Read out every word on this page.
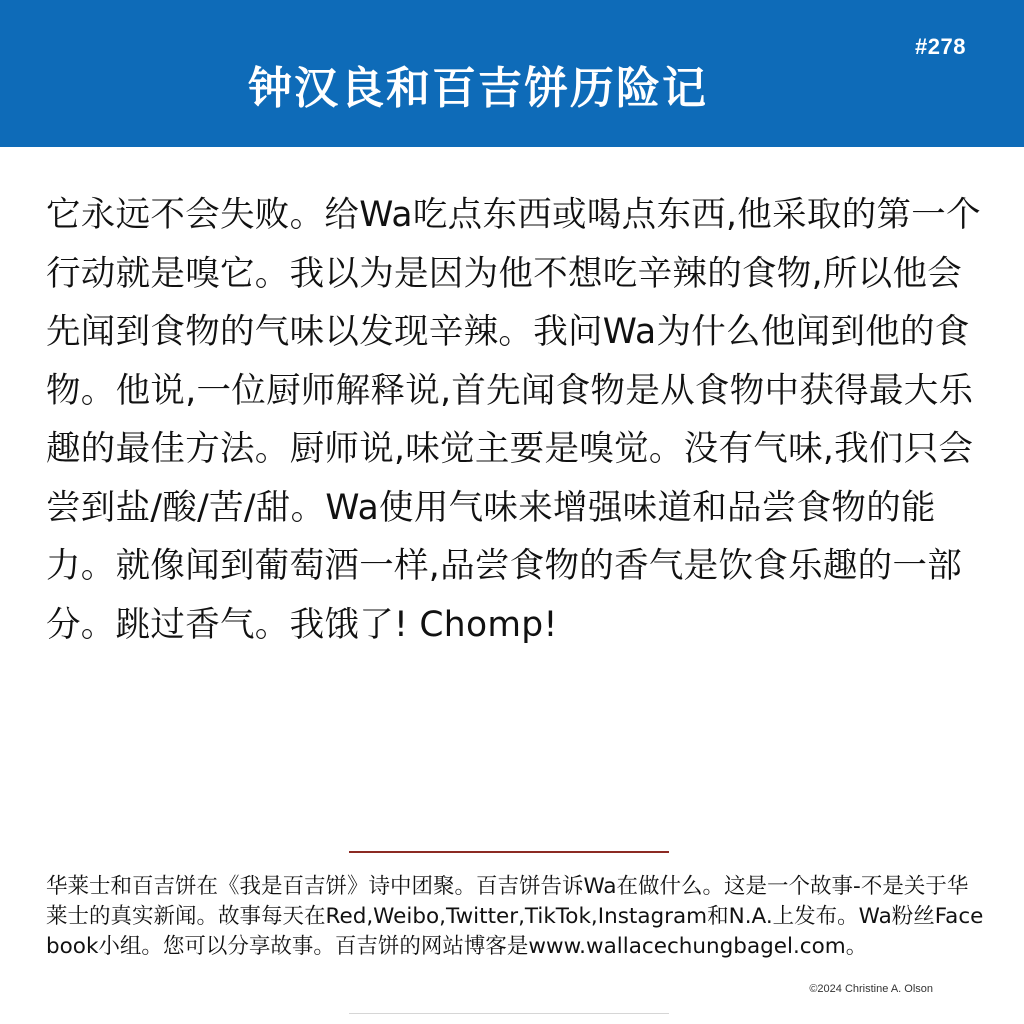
#278
钟汉良和百吉饼历险记

它永远不会失败。给Wa吃点东西或喝点东西,他采取的第一个行动就是嗅它。我以为是因为他不想吃辛辣的食物,所以他会先闻到食物的气味以发现辛辣。我问Wa为什么他闻到他的食物。他说,一位厨师解释说,首先闻食物是从食物中获得最大乐趣的最佳方法。厨师说,味觉主要是嗅觉。没有气味,我们只会尝到盐/酸/苦/甜。Wa使用气味来增强味道和品尝食物的能力。就像闻到葡萄酒一样,品尝食物的香气是饮食乐趣的一部分。跳过香气。我饿了! Chomp!

华莱士和百吉饼在《我是百吉饼》诗中团聚。百吉饼告诉Wa在做什么。这是一个故事-不是关于华莱士的真实新闻。故事每天在Red,Weibo,Twitter,TikTok,Instagram和N.A.上发布。Wa粉丝Facebook小组。您可以分享故事。百吉饼的网站博客是www.wallacechungbagel.com。

©2024 Christine A. Olson
